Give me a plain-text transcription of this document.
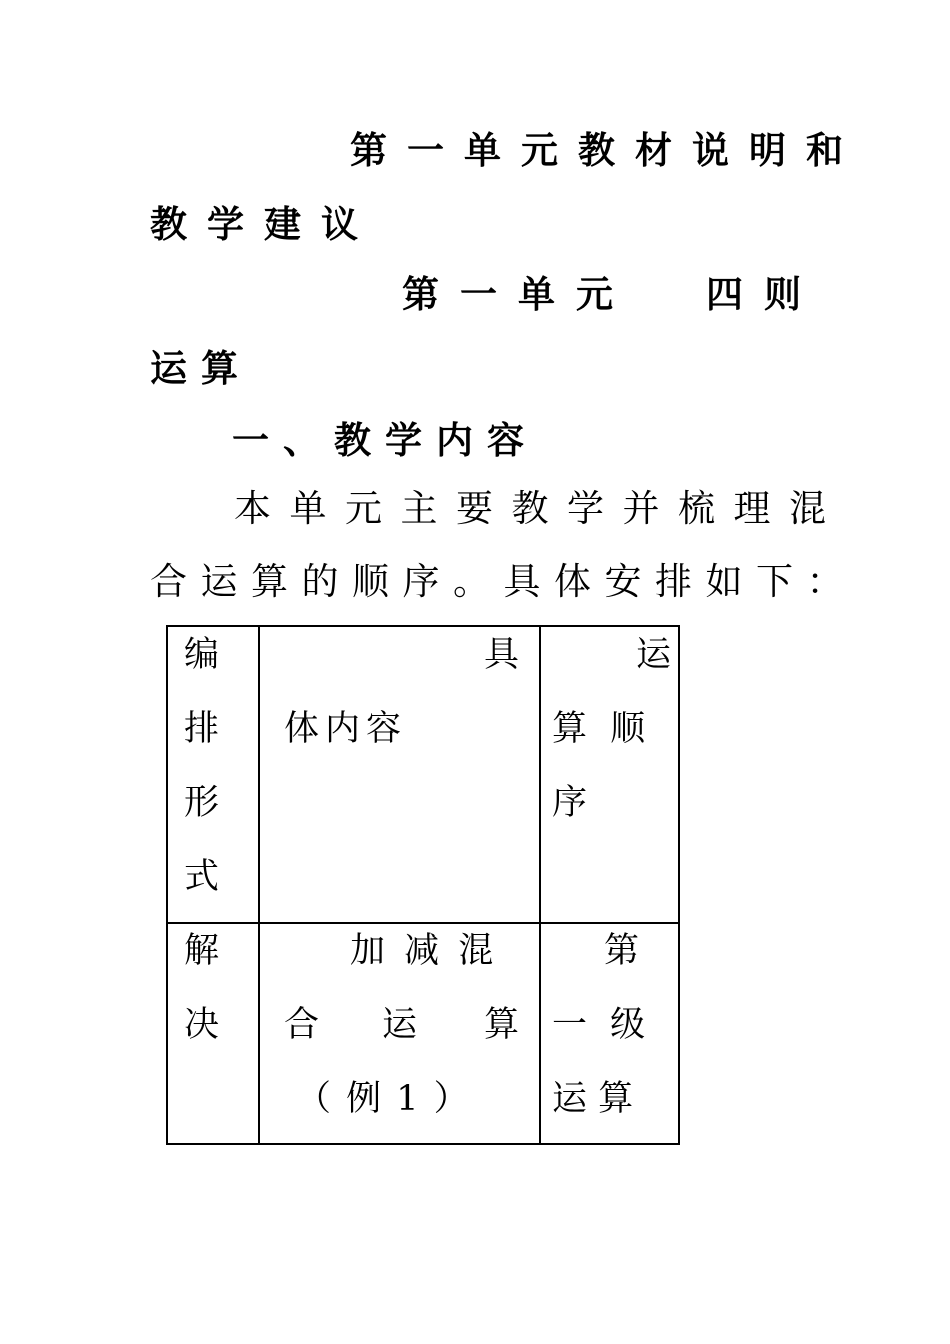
第一单元教材说明和
教学建议
第一单元 四则
运算
一、教学内容
本单元主要教学并梳理混
合运算的顺序。具体安排如下：
编
排
形
式
具
体内容
运
算 顺
序
解
决
加 减 混
合 运 算
（ 例 1 ）
第
一 级
运 算
